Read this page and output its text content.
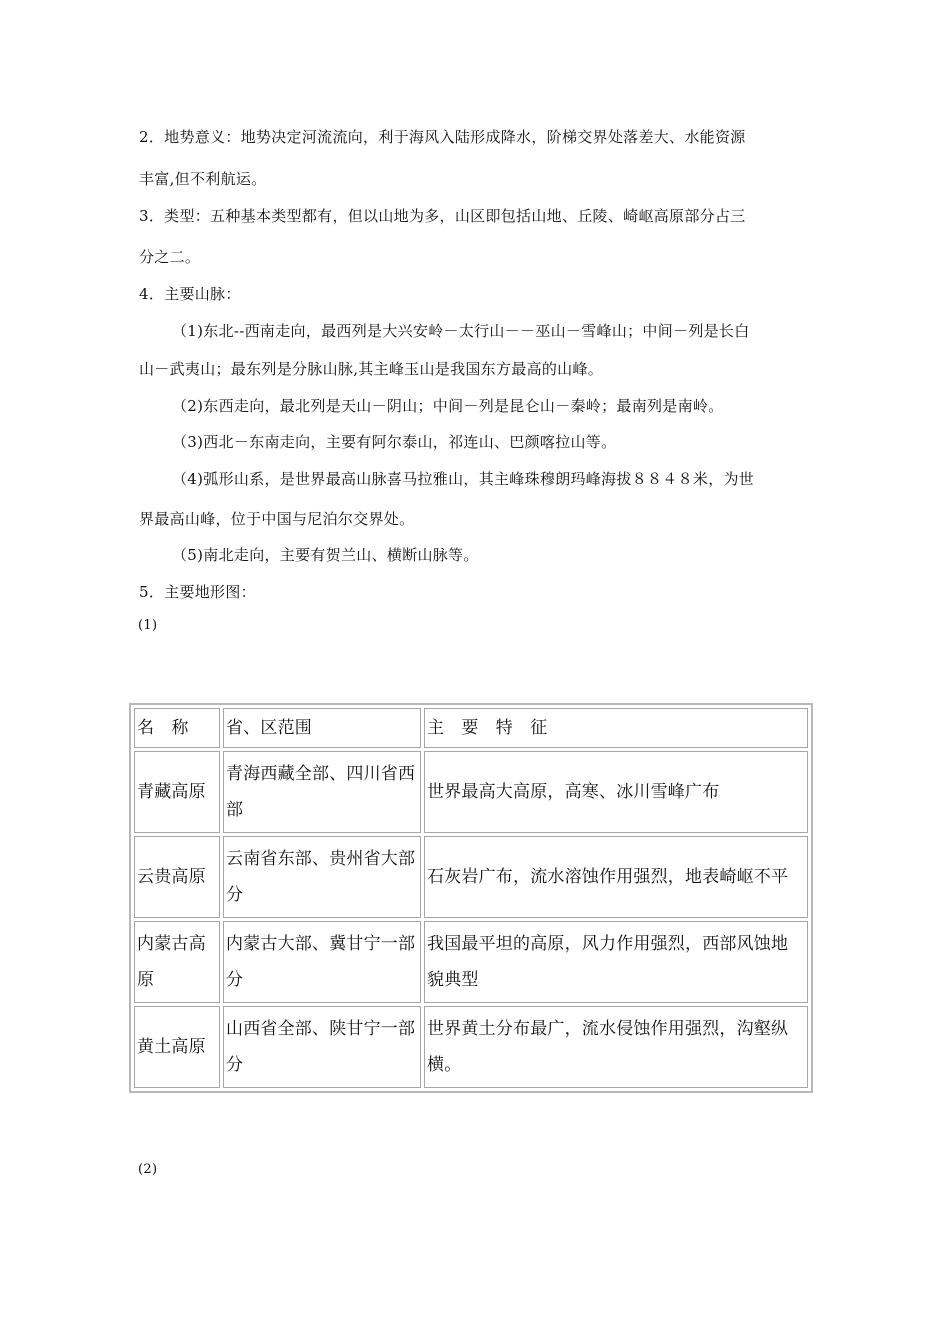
2．地势意义：地势决定河流流向，利于海风入陆形成降水，阶梯交界处落差大、水能资源
丰富,但不利航运。
3．类型：五种基本类型都有，但以山地为多，山区即包括山地、丘陵、崎岖高原部分占三
分之二。
4．主要山脉：
（1)东北--西南走向，最西列是大兴安岭－太行山－－巫山－雪峰山；中间－列是长白
山－武夷山；最东列是分脉山脉,其主峰玉山是我国东方最高的山峰。
（2)东西走向，最北列是天山－阴山；中间－列是昆仑山－秦岭；最南列是南岭。
（3)西北－东南走向，主要有阿尔泰山，祁连山、巴颜喀拉山等。
（4)弧形山系，是世界最高山脉喜马拉雅山，其主峰珠穆朗玛峰海拔８８４８米，为世
界最高山峰，位于中国与尼泊尔交界处。
（5)南北走向，主要有贺兰山、横断山脉等。
5．主要地形图：
(1)
名　称	省、区范围	主　要　特　征
青藏高原	青海西藏全部、四川省西部	世界最高大高原，高寒、冰川雪峰广布
云贵高原	云南省东部、贵州省大部分	石灰岩广布，流水溶蚀作用强烈，地表崎岖不平
内蒙古高原	内蒙古大部、冀甘宁一部分	我国最平坦的高原，风力作用强烈，西部风蚀地貌典型
黄土高原	山西省全部、陕甘宁一部分	世界黄土分布最广，流水侵蚀作用强烈，沟壑纵横。
(2)
